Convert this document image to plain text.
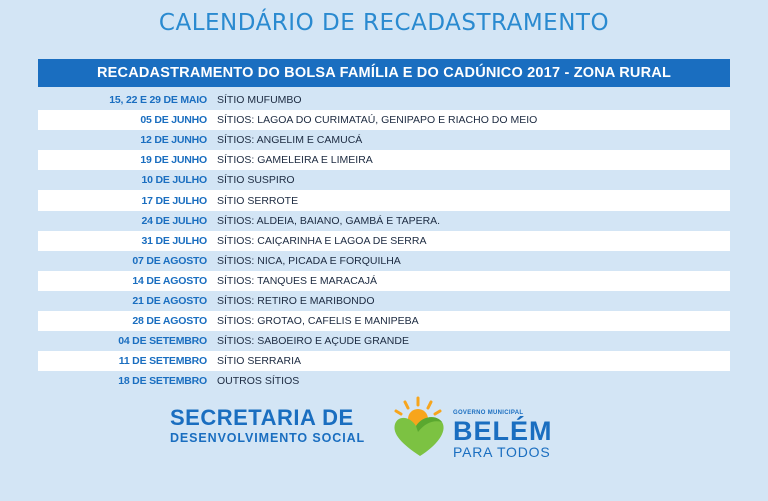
CALENDÁRIO DE RECADASTRAMENTO
RECADASTRAMENTO DO BOLSA FAMÍLIA E DO CADÚNICO 2017 - ZONA RURAL
15, 22 E 29 DE MAIO SÍTIO MUFUMBO
05 DE JUNHO SÍTIOS: LAGOA DO CURIMATAÚ, GENIPAPO E RIACHO DO MEIO
12 DE JUNHO SÍTIOS: ANGELIM E CAMUCÁ
19 DE JUNHO SÍTIOS: GAMELEIRA E LIMEIRA
10 DE JULHO SÍTIO SUSPIRO
17 DE JULHO SÍTIO SERROTE
24 DE JULHO SÍTIOS: ALDEIA, BAIANO, GAMBÁ E TAPERA.
31 DE JULHO SÍTIOS: CAIÇARINHA E LAGOA DE SERRA
07 DE AGOSTO SÍTIOS: NICA, PICADA E FORQUILHA
14 DE AGOSTO SÍTIOS: TANQUES E MARACAJÁ
21 DE AGOSTO SÍTIOS: RETIRO E MARIBONDO
28 DE AGOSTO SÍTIOS: GROTAO, CAFELIS E MANIPEBA
04 DE SETEMBRO SÍTIOS: SABOEIRO E AÇUDE GRANDE
11 DE SETEMBRO SÍTIO SERRARIA
18 DE SETEMBRO OUTROS SÍTIOS
SECRETARIA DE
DESENVOLVIMENTO SOCIAL
GOVERNO MUNICIPAL
BELÉM
PARA TODOS
